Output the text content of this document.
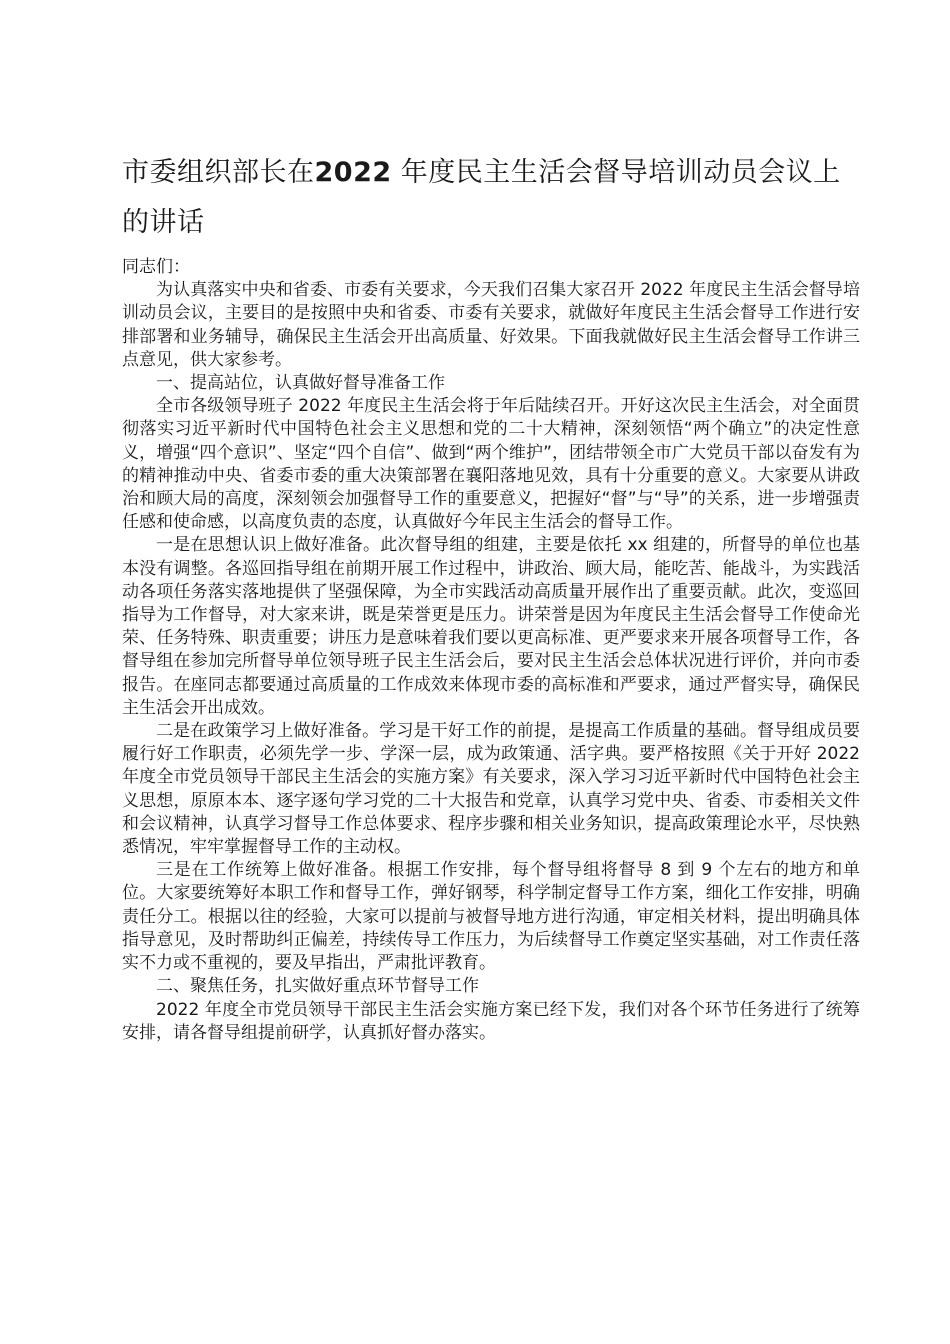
市委组织部长在2022 年度民主生活会督导培训动员会议上的讲话

同志们：

为认真落实中央和省委、市委有关要求，今天我们召集大家召开 2022 年度民主生活会督导培训动员会议，主要目的是按照中央和省委、市委有关要求，就做好年度民主生活会督导工作进行安排部署和业务辅导，确保民主生活会开出高质量、好效果。下面我就做好民主生活会督导工作讲三点意见，供大家参考。

一、提高站位，认真做好督导准备工作

全市各级领导班子 2022 年度民主生活会将于年后陆续召开。开好这次民主生活会，对全面贯彻落实习近平新时代中国特色社会主义思想和党的二十大精神，深刻领悟“两个确立”的决定性意义，增强“四个意识”、坚定“四个自信”、做到“两个维护”，团结带领全市广大党员干部以奋发有为的精神推动中央、省委市委的重大决策部署在襄阳落地见效，具有十分重要的意义。大家要从讲政治和顾大局的高度，深刻领会加强督导工作的重要意义，把握好“督”与“导”的关系，进一步增强责任感和使命感，以高度负责的态度，认真做好今年民主生活会的督导工作。

一是在思想认识上做好准备。此次督导组的组建，主要是依托 xx 组建的，所督导的单位也基本没有调整。各巡回指导组在前期开展工作过程中，讲政治、顾大局，能吃苦、能战斗，为实践活动各项任务落实落地提供了坚强保障，为全市实践活动高质量开展作出了重要贡献。此次，变巡回指导为工作督导，对大家来讲，既是荣誉更是压力。讲荣誉是因为年度民主生活会督导工作使命光荣、任务特殊、职责重要；讲压力是意味着我们要以更高标准、更严要求来开展各项督导工作，各督导组在参加完所督导单位领导班子民主生活会后，要对民主生活会总体状况进行评价，并向市委报告。在座同志都要通过高质量的工作成效来体现市委的高标准和严要求，通过严督实导，确保民主生活会开出成效。

二是在政策学习上做好准备。学习是干好工作的前提，是提高工作质量的基础。督导组成员要履行好工作职责，必须先学一步、学深一层，成为政策通、活字典。要严格按照《关于开好 2022 年度全市党员领导干部民主生活会的实施方案》有关要求，深入学习习近平新时代中国特色社会主义思想，原原本本、逐字逐句学习党的二十大报告和党章，认真学习党中央、省委、市委相关文件和会议精神，认真学习督导工作总体要求、程序步骤和相关业务知识，提高政策理论水平，尽快熟悉情况，牢牢掌握督导工作的主动权。

三是在工作统筹上做好准备。根据工作安排，每个督导组将督导 8 到 9 个左右的地方和单位。大家要统筹好本职工作和督导工作，弹好钢琴，科学制定督导工作方案，细化工作安排，明确责任分工。根据以往的经验，大家可以提前与被督导地方进行沟通，审定相关材料，提出明确具体指导意见，及时帮助纠正偏差，持续传导工作压力，为后续督导工作奠定坚实基础，对工作责任落实不力或不重视的，要及早指出，严肃批评教育。

二、聚焦任务，扎实做好重点环节督导工作

2022 年度全市党员领导干部民主生活会实施方案已经下发，我们对各个环节任务进行了统筹安排，请各督导组提前研学，认真抓好督办落实。
